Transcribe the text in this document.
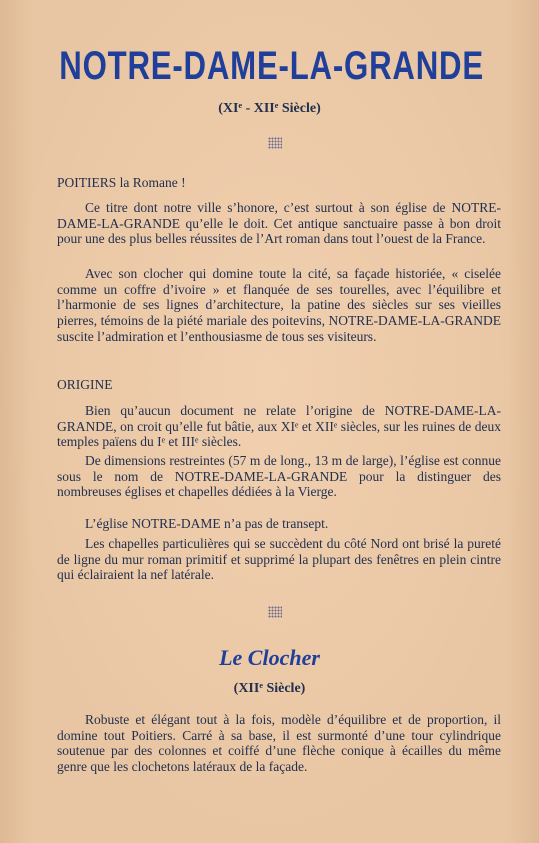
NOTRE-DAME-LA-GRANDE
(XIᵉ - XIIᵉ Siècle)
POITIERS la Romane !
Ce titre dont notre ville s’honore, c’est surtout à son église de NOTRE-DAME-LA-GRANDE qu’elle le doit. Cet antique sanctuaire passe à bon droit pour une des plus belles réussites de l’Art roman dans tout l’ouest de la France.
Avec son clocher qui domine toute la cité, sa façade historiée, « ciselée comme un coffre d’ivoire » et flanquée de ses tourelles, avec l’équilibre et l’harmonie de ses lignes d’architecture, la patine des siècles sur ses vieilles pierres, témoins de la piété mariale des poitevins, NOTRE-DAME-LA-GRANDE suscite l’admiration et l’enthousiasme de tous ses visiteurs.
ORIGINE
Bien qu’aucun document ne relate l’origine de NOTRE-DAME-LA-GRANDE, on croit qu’elle fut bâtie, aux XIᵉ et XIIᵉ siècles, sur les ruines de deux temples païens du Iᵉ et IIIᵉ siècles.
De dimensions restreintes (57 m de long., 13 m de large), l’église est connue sous le nom de NOTRE-DAME-LA-GRANDE pour la distinguer des nombreuses églises et chapelles dédiées à la Vierge.
L’église NOTRE-DAME n’a pas de transept.
Les chapelles particulières qui se succèdent du côté Nord ont brisé la pureté de ligne du mur roman primitif et supprimé la plupart des fenêtres en plein cintre qui éclairaient la nef latérale.
Le Clocher
(XIIᵉ Siècle)
Robuste et élégant tout à la fois, modèle d’équilibre et de proportion, il domine tout Poitiers. Carré à sa base, il est surmonté d’une tour cylindrique soutenue par des colonnes et coiffé d’une flèche conique à écailles du même genre que les clochetons latéraux de la façade.
